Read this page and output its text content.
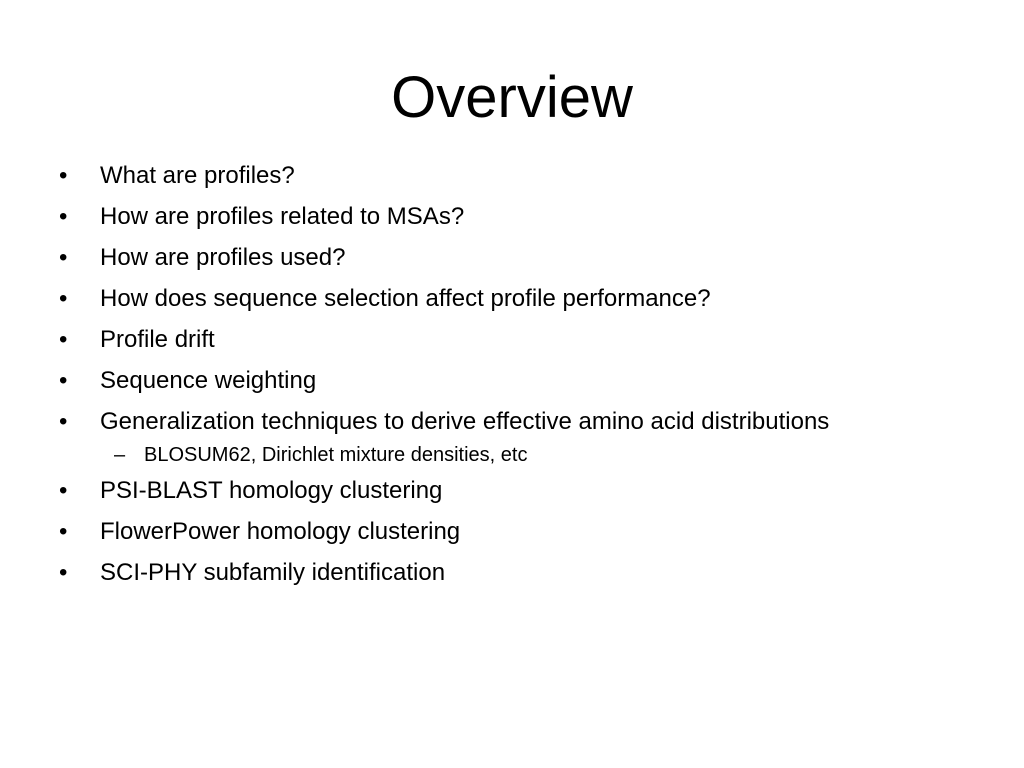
Overview
•	What are profiles?
•	How are profiles related to MSAs?
•	How are profiles used?
•	How does sequence selection affect profile performance?
•	Profile drift
•	Sequence weighting
•	Generalization techniques to derive effective amino acid distributions
– BLOSUM62, Dirichlet mixture densities, etc
•	PSI-BLAST homology clustering
•	FlowerPower homology clustering
•	SCI-PHY subfamily identification
